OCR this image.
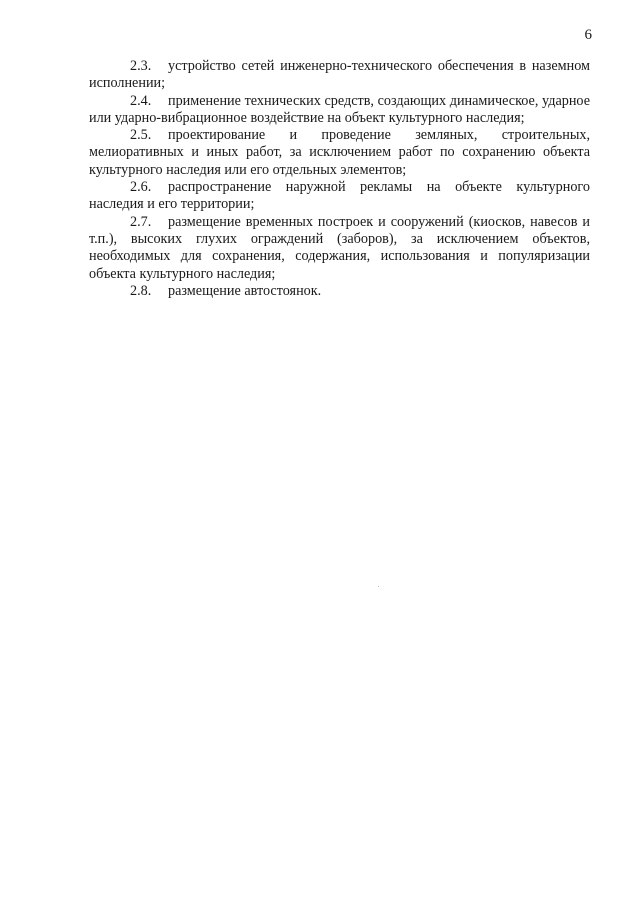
6

2.3. устройство сетей инженерно-технического обеспечения в наземном исполнении;

2.4. применение технических средств, создающих динамическое, ударное или ударно-вибрационное воздействие на объект культурного наследия;

2.5. проектирование и проведение земляных, строительных, мелиоративных и иных работ, за исключением работ по сохранению объекта культурного наследия или его отдельных элементов;

2.6. распространение наружной рекламы на объекте культурного наследия и его территории;

2.7. размещение временных построек и сооружений (киосков, навесов и т.п.), высоких глухих ограждений (заборов), за исключением объектов, необходимых для сохранения, содержания, использования и популяризации объекта культурного наследия;

2.8. размещение автостоянок.
